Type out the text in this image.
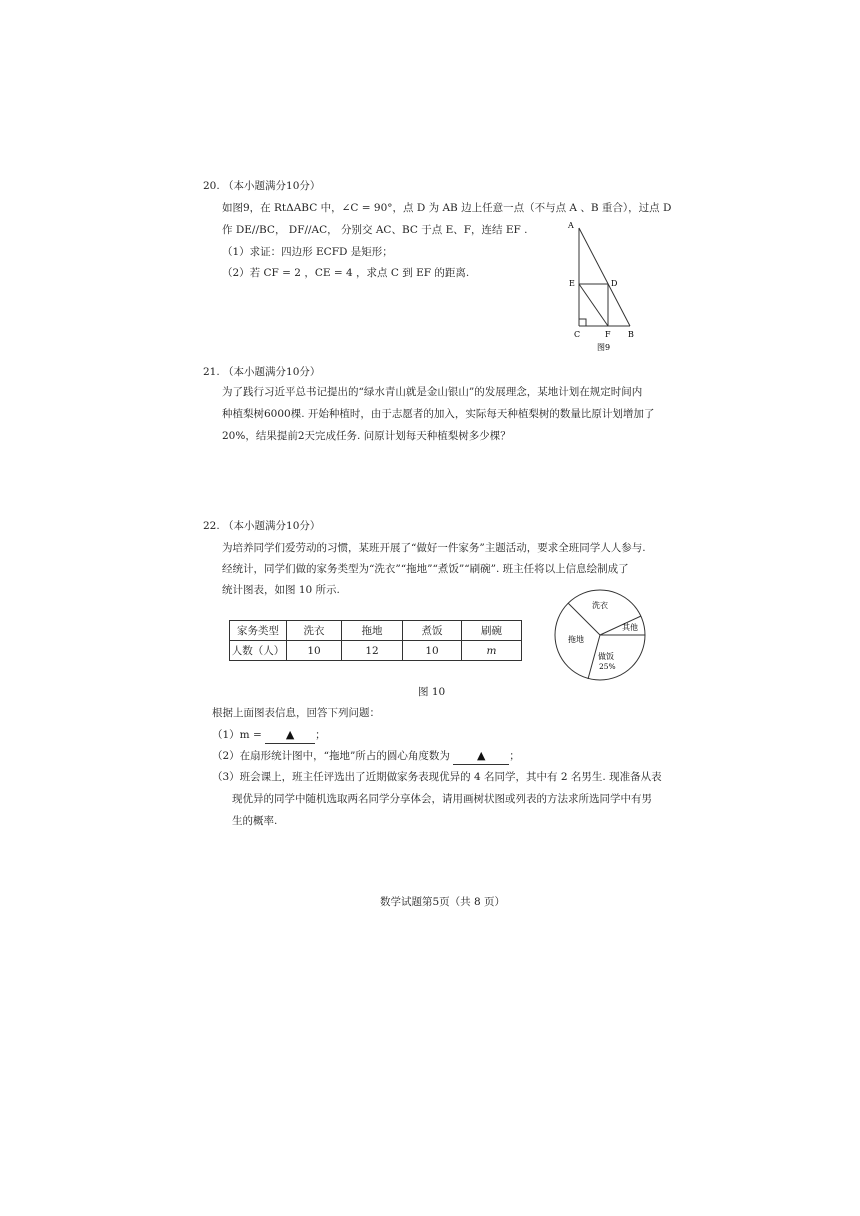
20. （本小题满分10分）
如图9，在 RtΔABC 中，∠C = 90°，点 D 为 AB 边上任意一点（不与点 A 、B 重合），过点 D
作 DE//BC， DF//AC， 分别交 AC、BC 于点 E、F，连结 EF .
（1）求证：四边形 ECFD 是矩形；
（2）若 CF = 2 ，CE = 4 ，求点 C 到 EF 的距离.
A
E	D
C	F B
图9
21. （本小题满分10分）
为了践行习近平总书记提出的“绿水青山就是金山银山”的发展理念，某地计划在规定时间内
种植梨树6000棵. 开始种植时，由于志愿者的加入，实际每天种植梨树的数量比原计划增加了
20%，结果提前2天完成任务. 问原计划每天种植梨树多少棵？
22. （本小题满分10分）
为培养同学们爱劳动的习惯，某班开展了“做好一件家务”主题活动，要求全班同学人人参与.
经统计，同学们做的家务类型为“洗衣”“拖地”“煮饭”“刷碗”. 班主任将以上信息绘制成了
统计图表，如图 10 所示.
家务类型	洗衣	拖地	煮饭	刷碗
人数（人）	10	12	10	m
洗衣
其他
拖地
做饭
25%
图 10
根据上面图表信息，回答下列问题：
（1）m = ▲ ；
（2）在扇形统计图中，“拖地”所占的圆心角度数为 ▲ ；
（3）班会课上，班主任评选出了近期做家务表现优异的 4 名同学，其中有 2 名男生. 现准备从表
现优异的同学中随机选取两名同学分享体会，请用画树状图或列表的方法求所选同学中有男
生的概率.
数学试题第5页（共 8 页）
